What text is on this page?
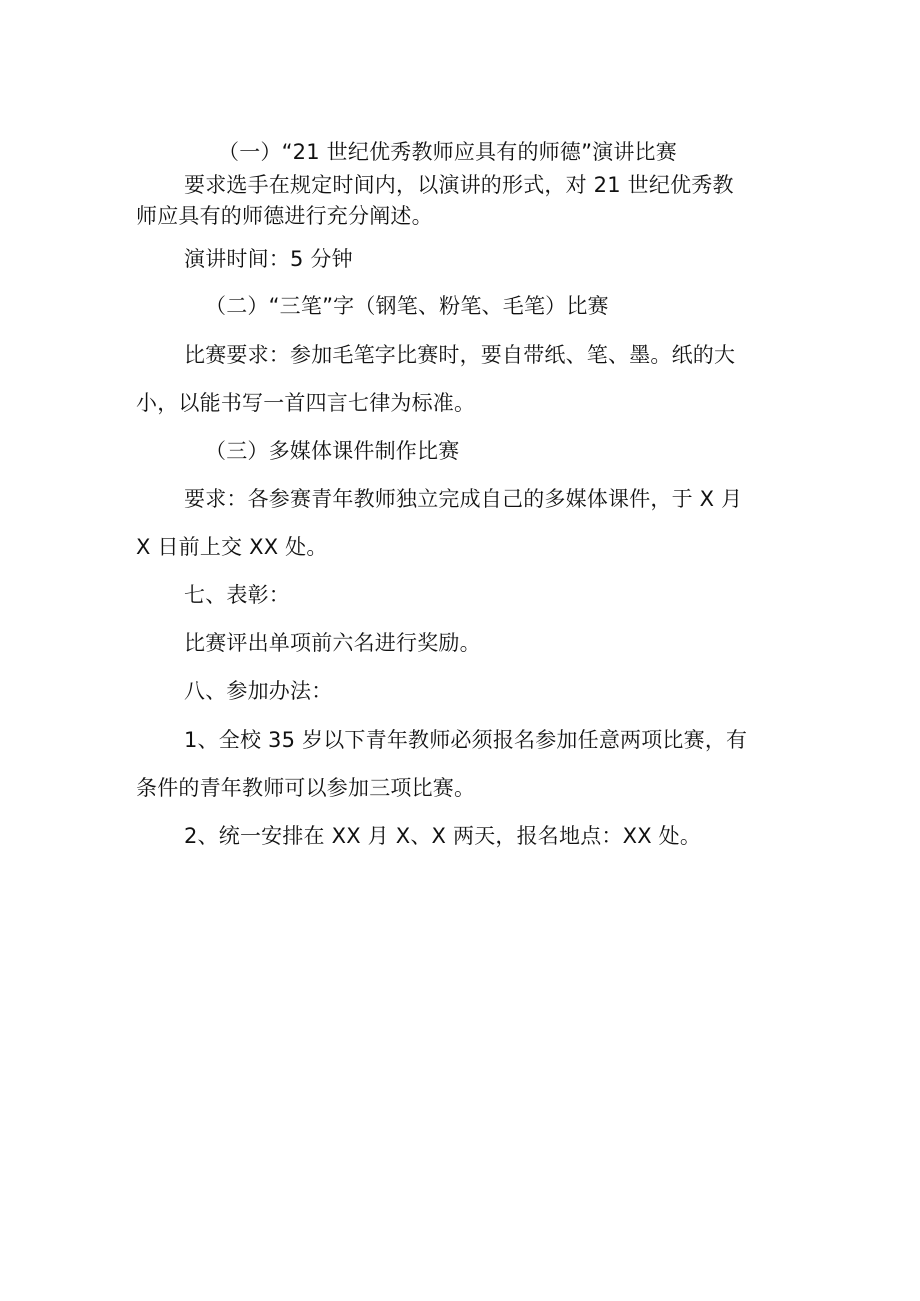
（一）“21 世纪优秀教师应具有的师德”演讲比赛
要求选手在规定时间内，以演讲的形式，对 21 世纪优秀教
师应具有的师德进行充分阐述。
演讲时间：5 分钟
（二）“三笔”字（钢笔、粉笔、毛笔）比赛
比赛要求：参加毛笔字比赛时，要自带纸、笔、墨。纸的大
小，以能书写一首四言七律为标准。
（三）多媒体课件制作比赛
要求：各参赛青年教师独立完成自己的多媒体课件，于 X 月
X 日前上交 XX 处。
七、表彰：
比赛评出单项前六名进行奖励。
八、参加办法：
1、全校 35 岁以下青年教师必须报名参加任意两项比赛，有
条件的青年教师可以参加三项比赛。
2、统一安排在 XX 月 X、X 两天，报名地点：XX 处。
